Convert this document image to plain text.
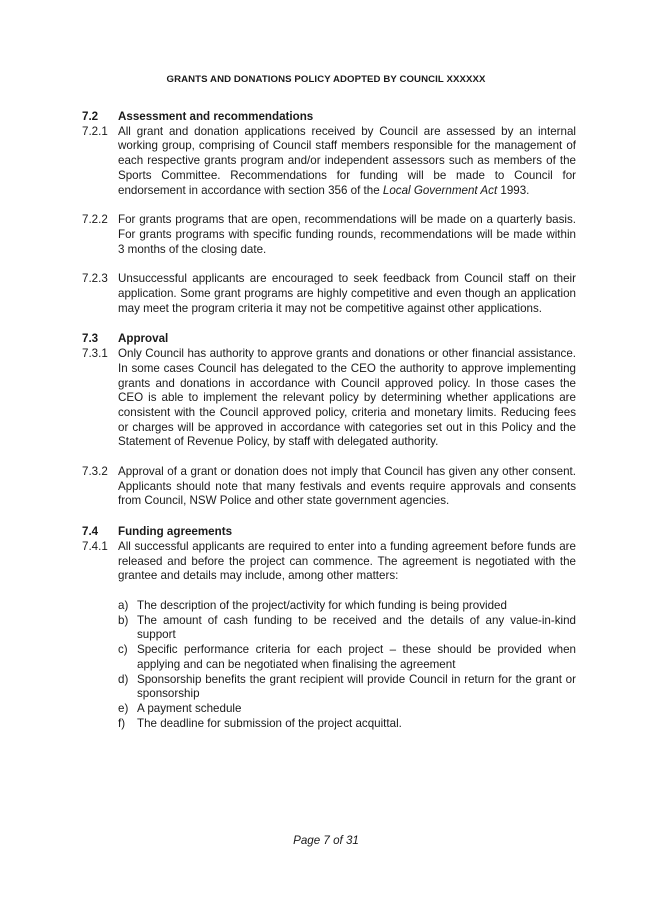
GRANTS AND DONATIONS POLICY ADOPTED BY COUNCIL XXXXXX
7.2	Assessment and recommendations
7.2.1 All grant and donation applications received by Council are assessed by an internal working group, comprising of Council staff members responsible for the management of each respective grants program and/or independent assessors such as members of the Sports Committee. Recommendations for funding will be made to Council for endorsement in accordance with section 356 of the Local Government Act 1993.
7.2.2 For grants programs that are open, recommendations will be made on a quarterly basis. For grants programs with specific funding rounds, recommendations will be made within 3 months of the closing date.
7.2.3 Unsuccessful applicants are encouraged to seek feedback from Council staff on their application. Some grant programs are highly competitive and even though an application may meet the program criteria it may not be competitive against other applications.
7.3	Approval
7.3.1 Only Council has authority to approve grants and donations or other financial assistance. In some cases Council has delegated to the CEO the authority to approve implementing grants and donations in accordance with Council approved policy. In those cases the CEO is able to implement the relevant policy by determining whether applications are consistent with the Council approved policy, criteria and monetary limits. Reducing fees or charges will be approved in accordance with categories set out in this Policy and the Statement of Revenue Policy, by staff with delegated authority.
7.3.2 Approval of a grant or donation does not imply that Council has given any other consent. Applicants should note that many festivals and events require approvals and consents from Council, NSW Police and other state government agencies.
7.4	Funding agreements
7.4.1 All successful applicants are required to enter into a funding agreement before funds are released and before the project can commence. The agreement is negotiated with the grantee and details may include, among other matters:
a) The description of the project/activity for which funding is being provided
b) The amount of cash funding to be received and the details of any value-in-kind support
c) Specific performance criteria for each project – these should be provided when applying and can be negotiated when finalising the agreement
d) Sponsorship benefits the grant recipient will provide Council in return for the grant or sponsorship
e) A payment schedule
f)	The deadline for submission of the project acquittal.
Page 7 of 31
